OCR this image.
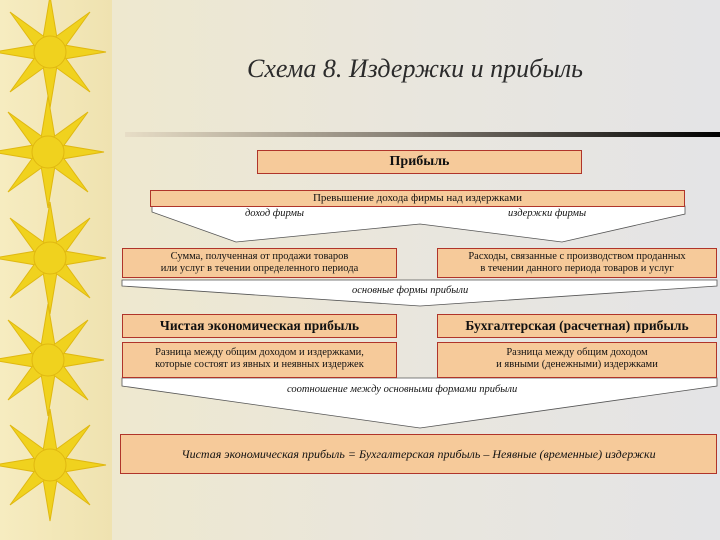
Схема 8. Издержки и прибыль
Прибыль
Превышение дохода фирмы над издержками
доход фирмы	издержки фирмы
Сумма, полученная от продажи товаров
или услуг в течении определенного периода
Расходы, связанные с производством проданных
в течении данного периода товаров и услуг
основные формы прибыли
Чистая экономическая прибыль	Бухгалтерская (расчетная) прибыль
Разница между общим доходом и издержками,
которые состоят из явных и неявных издержек
Разница между общим доходом
и явными (денежными) издержками
соотношение между основными формами прибыли
Чистая экономическая прибыль = Бухгалтерская прибыль – Неявные (временные) издержки
